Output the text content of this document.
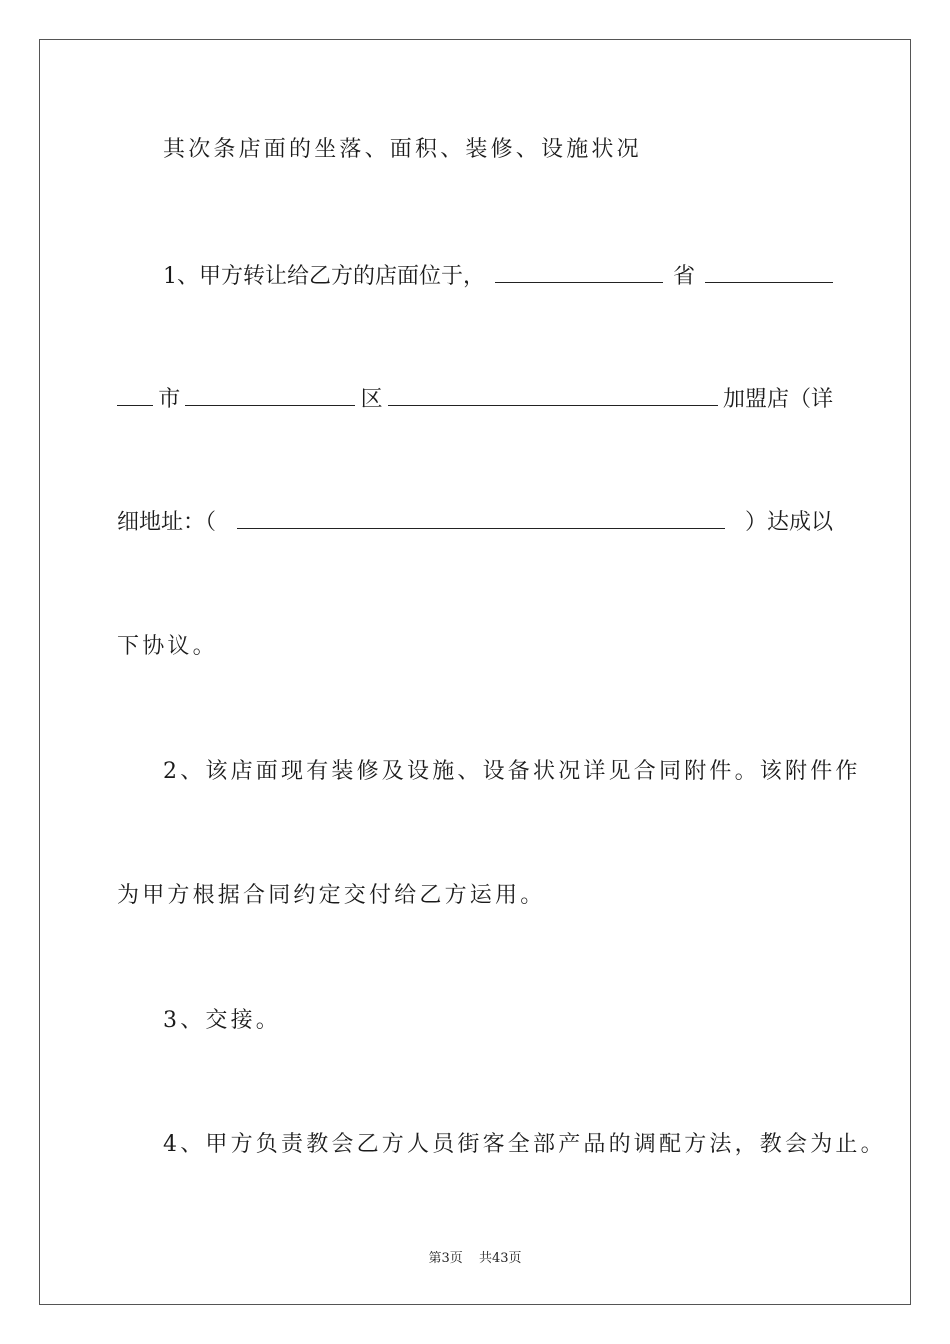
其次条店面的坐落、面积、装修、设施状况
1、甲方转让给乙方的店面位于，	省
市	区	加盟店（详
细地址：（	）达成以
下协议。
2、该店面现有装修及设施、设备状况详见合同附件。该附件作
为甲方根据合同约定交付给乙方运用。
3、交接。
4、甲方负责教会乙方人员街客全部产品的调配方法，教会为止。
第3页 共43页
